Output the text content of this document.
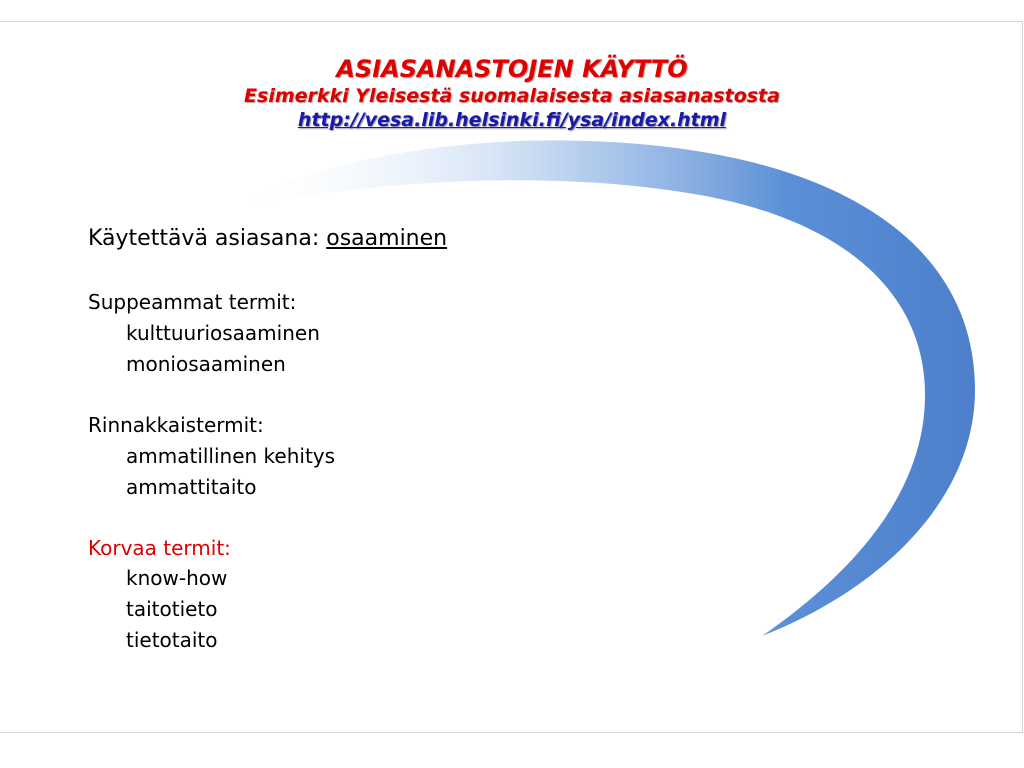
ASIASANASTOJEN KÄYTTÖ
Esimerkki Yleisestä suomalaisesta asiasanastosta
http://vesa.lib.helsinki.fi/ysa/index.html
Käytettävä asiasana: osaaminen
Suppeammat termit:
kulttuuriosaaminen
moniosaaminen
Rinnakkaistermit:
ammatillinen kehitys
ammattitaito
Korvaa termit:
know-how
taitotieto
tietotaito
